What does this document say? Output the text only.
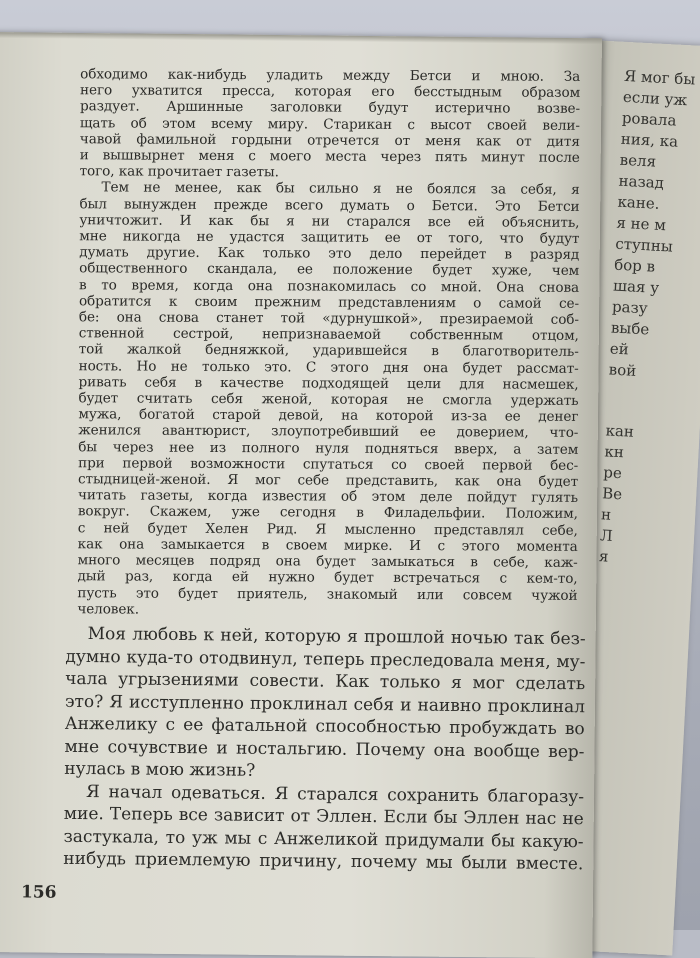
Я мог бы
если уж
ровала
ния, ка
веля
назад
кане.
я не м
ступны
бор в
шая у
разу
выбе
ей
вой
кан
кн
ре
Ве
н
Л
я
обходимо как-нибудь уладить между Бетси и мною. За
него ухватится пресса, которая его бесстыдным образом
раздует. Аршинные заголовки будут истерично возве-
щать об этом всему миру. Старикан с высот своей вели-
чавой фамильной гордыни отречется от меня как от дитя
и вышвырнет меня с моего места через пять минут после
того, как прочитает газеты.
Тем не менее, как бы сильно я не боялся за себя, я
был вынужден прежде всего думать о Бетси. Это Бетси
уничтожит. И как бы я ни старался все ей объяснить,
мне никогда не удастся защитить ее от того, что будут
думать другие. Как только это дело перейдет в разряд
общественного скандала, ее положение будет хуже, чем
в то время, когда она познакомилась со мной. Она снова
обратится к своим прежним представлениям о самой се-
бе: она снова станет той «дурнушкой», презираемой соб-
ственной сестрой, непризнаваемой собственным отцом,
той жалкой бедняжкой, ударившейся в благотворитель-
ность. Но не только это. С этого дня она будет рассмат-
ривать себя в качестве подходящей цели для насмешек,
будет считать себя женой, которая не смогла удержать
мужа, богатой старой девой, на которой из-за ее денег
женился авантюрист, злоупотребивший ее доверием, что-
бы через нее из полного нуля подняться вверх, а затем
при первой возможности спутаться со своей первой бес-
стыдницей-женой. Я мог себе представить, как она будет
читать газеты, когда известия об этом деле пойдут гулять
вокруг. Скажем, уже сегодня в Филадельфии. Положим,
с ней будет Хелен Рид. Я мысленно представлял себе,
как она замыкается в своем мирке. И с этого момента
много месяцев подряд она будет замыкаться в себе, каж-
дый раз, когда ей нужно будет встречаться с кем-то,
пусть это будет приятель, знакомый или совсем чужой
человек.
Моя любовь к ней, которую я прошлой ночью так без-
думно куда-то отодвинул, теперь преследовала меня, му-
чала угрызениями совести. Как только я мог сделать
это? Я исступленно проклинал себя и наивно проклинал
Анжелику с ее фатальной способностью пробуждать во
мне сочувствие и ностальгию. Почему она вообще вер-
нулась в мою жизнь?
Я начал одеваться. Я старался сохранить благоразу-
мие. Теперь все зависит от Эллен. Если бы Эллен нас не
застукала, то уж мы с Анжеликой придумали бы какую-
нибудь приемлемую причину, почему мы были вместе.
156
